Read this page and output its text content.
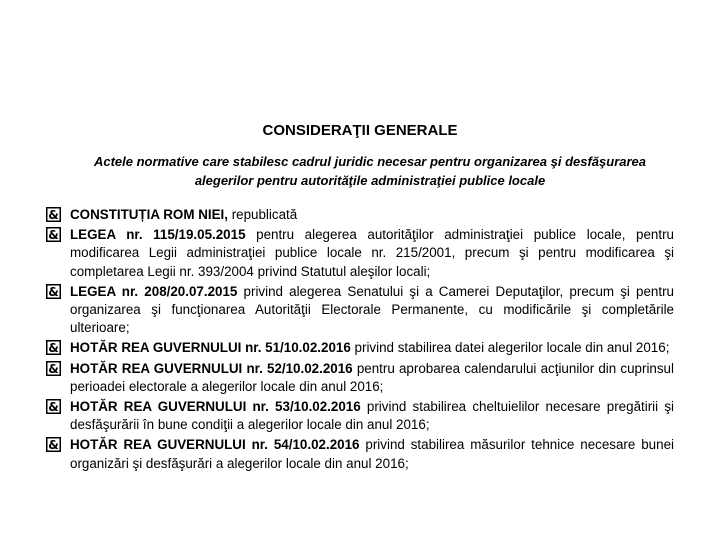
CONSIDERAŢII GENERALE
Actele normative care stabilesc cadrul juridic necesar pentru organizarea şi desfăşurarea alegerilor pentru autorităţile administraţiei publice locale
& CONSTITUȚIA ROM NIEI, republicată
& LEGEA nr. 115/19.05.2015 pentru alegerea autorităţilor administraţiei publice locale, pentru modificarea Legii administraţiei publice locale nr. 215/2001, precum şi pentru modificarea şi completarea Legii nr. 393/2004 privind Statutul aleşilor locali;
& LEGEA nr. 208/20.07.2015 privind alegerea Senatului şi a Camerei Deputaţilor, precum şi pentru organizarea şi funcţionarea Autorităţii Electorale Permanente, cu modificările şi completările ulterioare;
& HOTĂR REA GUVERNULUI nr. 51/10.02.2016 privind stabilirea datei alegerilor locale din anul 2016;
& HOTĂR REA GUVERNULUI nr. 52/10.02.2016 pentru aprobarea calendarului acţiunilor din cuprinsul perioadei electorale a alegerilor locale din anul 2016;
& HOTĂR REA GUVERNULUI nr. 53/10.02.2016 privind stabilirea cheltuielilor necesare pregătirii şi desfăşurării în bune condiţii a alegerilor locale din anul 2016;
& HOTĂR REA GUVERNULUI nr. 54/10.02.2016 privind stabilirea măsurilor tehnice necesare bunei organizări şi desfăşurări a alegerilor locale din anul 2016;
